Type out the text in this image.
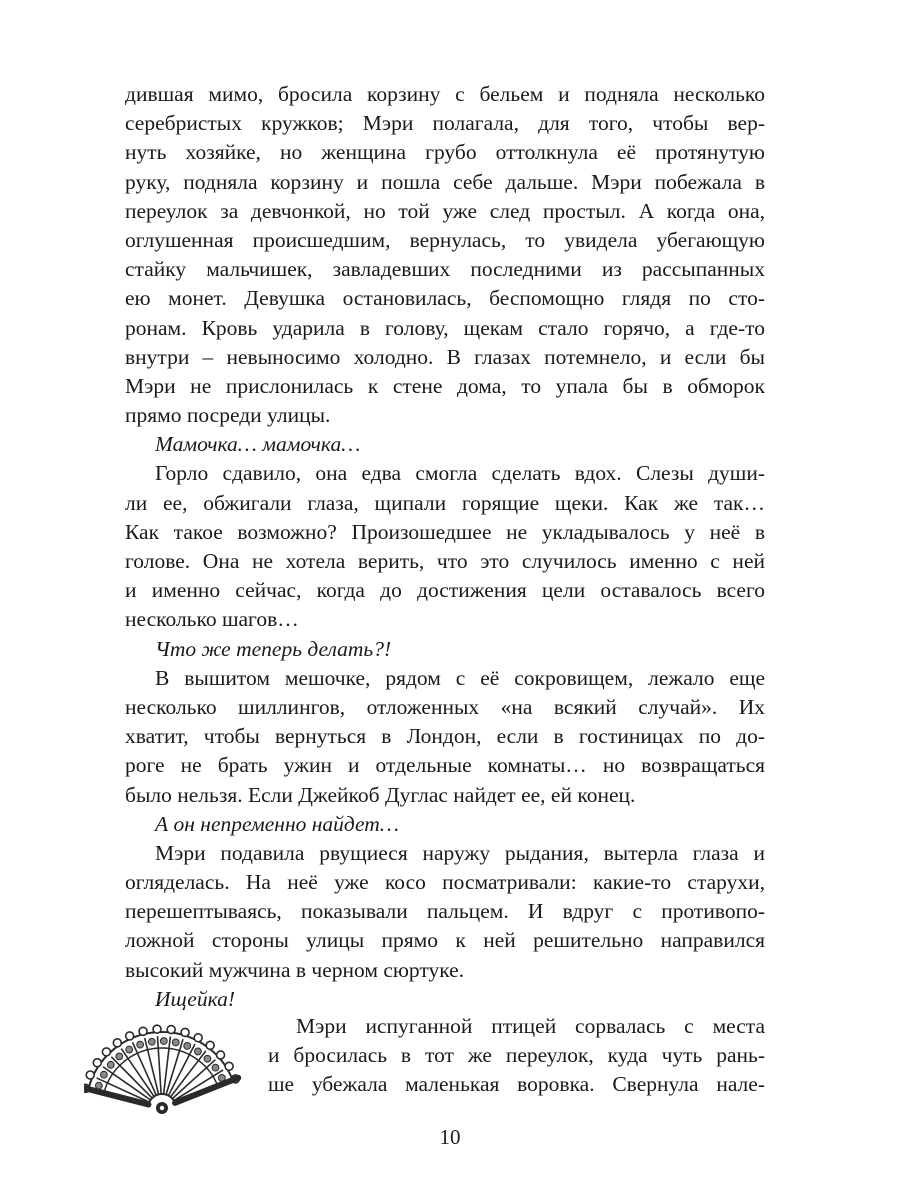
дившая мимо, бросила корзину с бельем и подняла несколько
серебристых кружков; Мэри полагала, для того, чтобы вер-
нуть хозяйке, но женщина грубо оттолкнула её протянутую
руку, подняла корзину и пошла себе дальше. Мэри побежала в
переулок за девчонкой, но той уже след простыл. А когда она,
оглушенная происшедшим, вернулась, то увидела убегающую
стайку мальчишек, завладевших последними из рассыпанных
ею монет. Девушка остановилась, беспомощно глядя по сто-
ронам. Кровь ударила в голову, щекам стало горячо, а где-то
внутри – невыносимо холодно. В глазах потемнело, и если бы
Мэри не прислонилась к стене дома, то упала бы в обморок
прямо посреди улицы.
Мамочка… мамочка…
Горло сдавило, она едва смогла сделать вдох. Слезы души-
ли ее, обжигали глаза, щипали горящие щеки. Как же так…
Как такое возможно? Произошедшее не укладывалось у неё в
голове. Она не хотела верить, что это случилось именно с ней
и именно сейчас, когда до достижения цели оставалось всего
несколько шагов…
Что же теперь делать?!
В вышитом мешочке, рядом с её сокровищем, лежало еще
несколько шиллингов, отложенных «на всякий случай». Их
хватит, чтобы вернуться в Лондон, если в гостиницах по до-
роге не брать ужин и отдельные комнаты… но возвращаться
было нельзя. Если Джейкоб Дуглас найдет ее, ей конец.
А он непременно найдет…
Мэри подавила рвущиеся наружу рыдания, вытерла глаза и
огляделась. На неё уже косо посматривали: какие-то старухи,
перешептываясь, показывали пальцем. И вдруг с противопо-
ложной стороны улицы прямо к ней решительно направился
высокий мужчина в черном сюртуке.
Ищейка!
Мэри испуганной птицей сорвалась с места
и бросилась в тот же переулок, куда чуть рань-
ше убежала маленькая воровка. Свернула нале-
10
